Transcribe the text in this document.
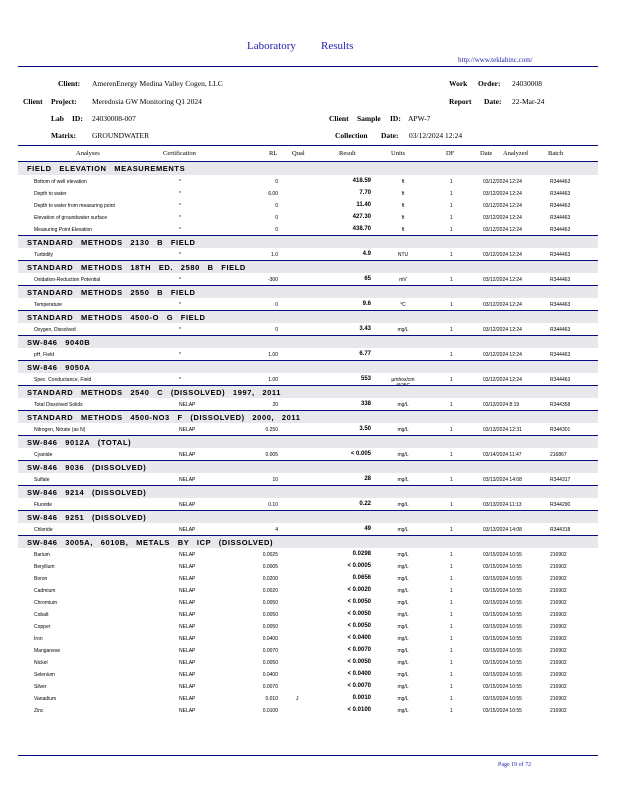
Laboratory Results
http://www.teklabinc.com/
Client: AmerenEnergy Medina Valley Cogen, LLC	Work Order: 24030008
Client Project: Meredosia GW Monitoring Q1 2024	Report Date: 22-Mar-24
Lab ID: 24030008-007	Client Sample ID: APW-7
Matrix: GROUNDWATER	Collection Date: 03/12/2024 12:24
Analyses	Certification	RL Qual	Result	Units	DF	Date Analyzed	Batch
FIELD ELEVATION MEASUREMENTS
Bottom of well elevation	*	0	418.59	ft	1	03/12/2024 12:24	R344463
Depth to water	*	6.00	7.70	ft	1	03/12/2024 12:24	R344463
Depth to water from measuring point	*	0	11.40	ft	1	03/12/2024 12:24	R344463
Elevation of groundwater surface	*	0	427.30	ft	1	03/12/2024 12:24	R344463
Measuring Point Elevation	*	0	438.70	ft	1	03/12/2024 12:24	R344463
STANDARD METHODS 2130 B FIELD
Turbidity	*	1.0	4.9	NTU	1	03/12/2024 12:24	R344463
STANDARD METHODS 18TH ED. 2580 B FIELD
Oxidation-Reduction Potential	*	-300	65	mV	1	03/12/2024 12:24	R344463
STANDARD METHODS 2550 B FIELD
Temperature	*	0	9.6	°C	1	03/12/2024 12:24	R344463
STANDARD METHODS 4500-O G FIELD
Oxygen, Dissolved	*	0	3.43	mg/L	1	03/12/2024 12:24	R344463
SW-846 9040B
pH, Field	*	1.00	6.77	1	03/12/2024 12:24	R344463
SW-846 9050A
Spec. Conductance, Field	*	1.00	553	µmhos/cm	1	03/12/2024 12:24	R344463
STANDARD METHODS 2540 C (DISSOLVED) 1997, 2011
Total Dissolved Solids	NELAP	20	338	mg/L	1	03/13/2024 8:19	R344358
STANDARD METHODS 4500-NO3 F (DISSOLVED) 2000, 2011
Nitrogen, Nitrate (as N)	NELAP	0.250	3.50	mg/L	1	03/13/2024 12:31	R344301
SW-846 9012A (TOTAL)
Cyanide	NELAP	0.005	< 0.005	mg/L	1	03/14/2024 11:47	216867
SW-846 9036 (DISSOLVED)
Sulfate	NELAP	10	28	mg/L	1	03/13/2024 14:08	R344317
SW-846 9214 (DISSOLVED)
Fluoride	NELAP	0.10	0.22	mg/L	1	03/13/2024 11:13	R344290
SW-846 9251 (DISSOLVED)
Chloride	NELAP	4	49	mg/L	1	03/13/2024 14:08	R344318
SW-846 3005A, 6010B, METALS BY ICP (DISSOLVED)
Barium	NELAP	0.0025	0.0298	mg/L	1	03/15/2024 10:55	216902
Beryllium	NELAP	0.0005	< 0.0005	mg/L	1	03/15/2024 10:55	216902
Boron	NELAP	0.0200	0.0656	mg/L	1	03/15/2024 10:55	216902
Cadmium	NELAP	0.0020	< 0.0020	mg/L	1	03/15/2024 10:55	216902
Chromium	NELAP	0.0050	< 0.0050	mg/L	1	03/15/2024 10:55	216902
Cobalt	NELAP	0.0050	< 0.0050	mg/L	1	03/15/2024 10:55	216902
Copper	NELAP	0.0050	< 0.0050	mg/L	1	03/15/2024 10:55	216902
Iron	NELAP	0.0400	< 0.0400	mg/L	1	03/15/2024 10:55	216902
Manganese	NELAP	0.0070	< 0.0070	mg/L	1	03/15/2024 10:55	216902
Nickel	NELAP	0.0050	< 0.0050	mg/L	1	03/15/2024 10:55	216902
Selenium	NELAP	0.0400	< 0.0400	mg/L	1	03/15/2024 10:55	216902
Silver	NELAP	0.0070	< 0.0070	mg/L	1	03/15/2024 10:55	216902
Vanadium	NELAP	0.010	J	0.0010	mg/L	1	03/15/2024 10:55	216902
Zinc	NELAP	0.0100	< 0.0100	mg/L	1	03/15/2024 10:55	216902
Page 19 of 72
